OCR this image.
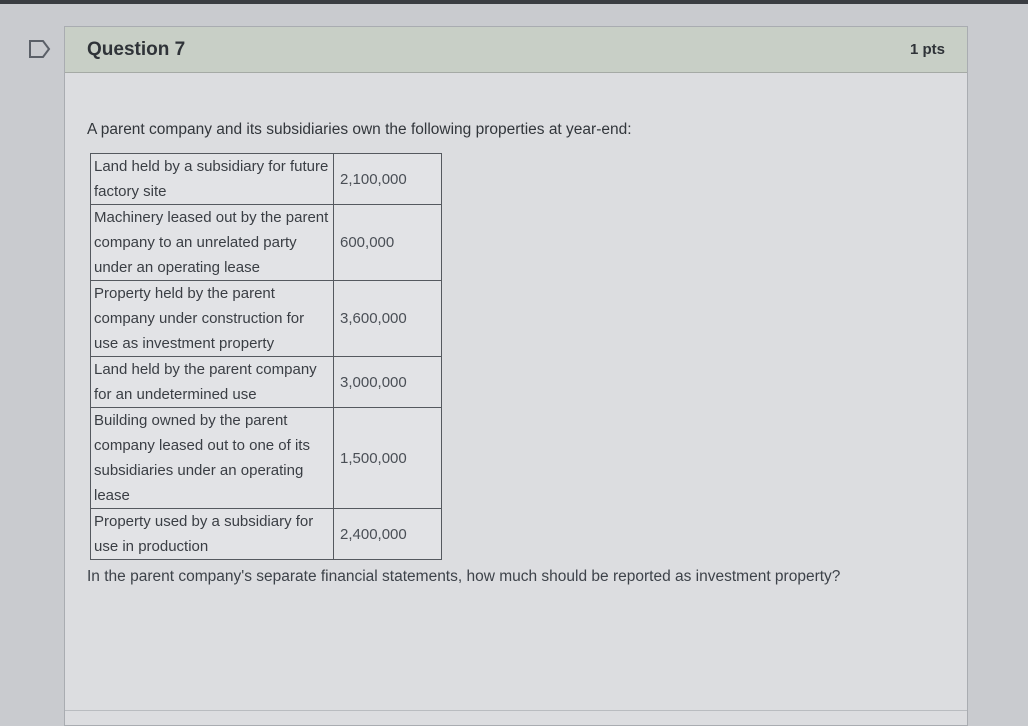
Question 7	1 pts

A parent company and its subsidiaries own the following properties at year-end:

Land held by a subsidiary for future factory site	2,100,000
Machinery leased out by the parent company to an unrelated party under an operating lease	600,000
Property held by the parent company under construction for use as investment property	3,600,000
Land held by the parent company for an undetermined use	3,000,000
Building owned by the parent company leased out to one of its subsidiaries under an operating lease	1,500,000
Property used by a subsidiary for use in production	2,400,000

In the parent company's separate financial statements, how much should be reported as investment property?
